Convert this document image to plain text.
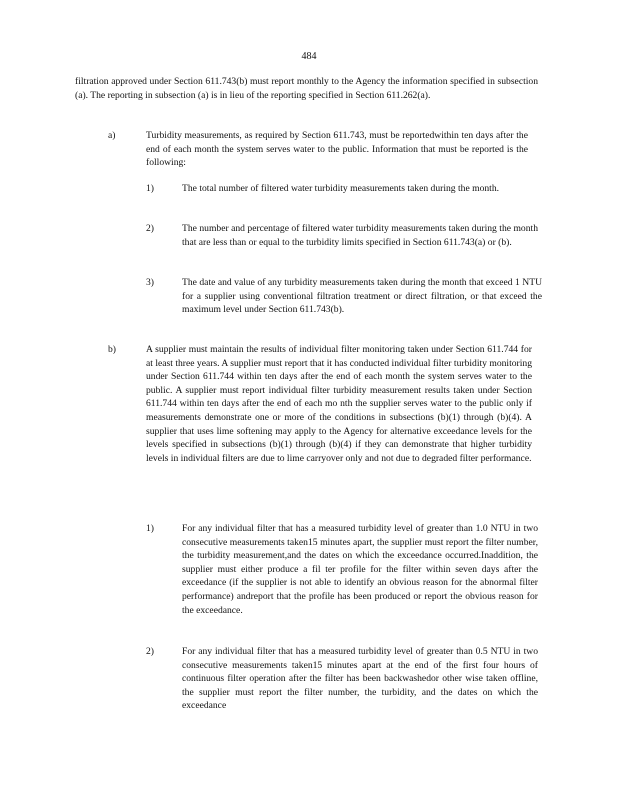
484
filtration approved under Section 611.743(b) must report monthly to the Agency the information specified in subsection (a). The reporting in subsection (a) is in lieu of the reporting specified in Section 611.262(a).
a)	Turbidity measurements, as required by Section 611.743, must be reportedwithin ten days after the end of each month the system serves water to the public. Information that must be reported is the following:
1)	The total number of filtered water turbidity measurements taken during the month.
2)	The number and percentage of filtered water turbidity measurements taken during the month that are less than or equal to the turbidity limits specified in Section 611.743(a) or (b).
3)	The date and value of any turbidity measurements taken during the month that exceed 1 NTU for a supplier using conventional filtration treatment or direct filtration, or that exceed the maximum level under Section 611.743(b).
b)	A supplier must maintain the results of individual filter monitoring taken under Section 611.744 for at least three years. A supplier must report that it has conducted individual filter turbidity monitoring under Section 611.744 within ten days after the end of each month the system serves water to the public. A supplier must report individual filter turbidity measurement results taken under Section 611.744 within ten days after the end of each mo nth the supplier serves water to the public only if measurements demonstrate one or more of the conditions in subsections (b)(1) through (b)(4). A supplier that uses lime softening may apply to the Agency for alternative exceedance levels for the levels specified in subsections (b)(1) through (b)(4) if they can demonstrate that higher turbidity levels in individual filters are due to lime carryover only and not due to degraded filter performance.
1)	For any individual filter that has a measured turbidity level of greater than 1.0 NTU in two consecutive measurements taken15 minutes apart, the supplier must report the filter number, the turbidity measurement,and the dates on which the exceedance occurred.Inaddition, the supplier must either produce a fil ter profile for the filter within seven days after the exceedance (if the supplier is not able to identify an obvious reason for the abnormal filter performance) andreport that the profile has been produced or report the obvious reason for the exceedance.
2)	For any individual filter that has a measured turbidity level of greater than 0.5 NTU in two consecutive measurements taken15 minutes apart at the end of the first four hours of continuous filter operation after the filter has been backwashedor other wise taken offline, the supplier must report the filter number, the turbidity, and the dates on which the exceedance
